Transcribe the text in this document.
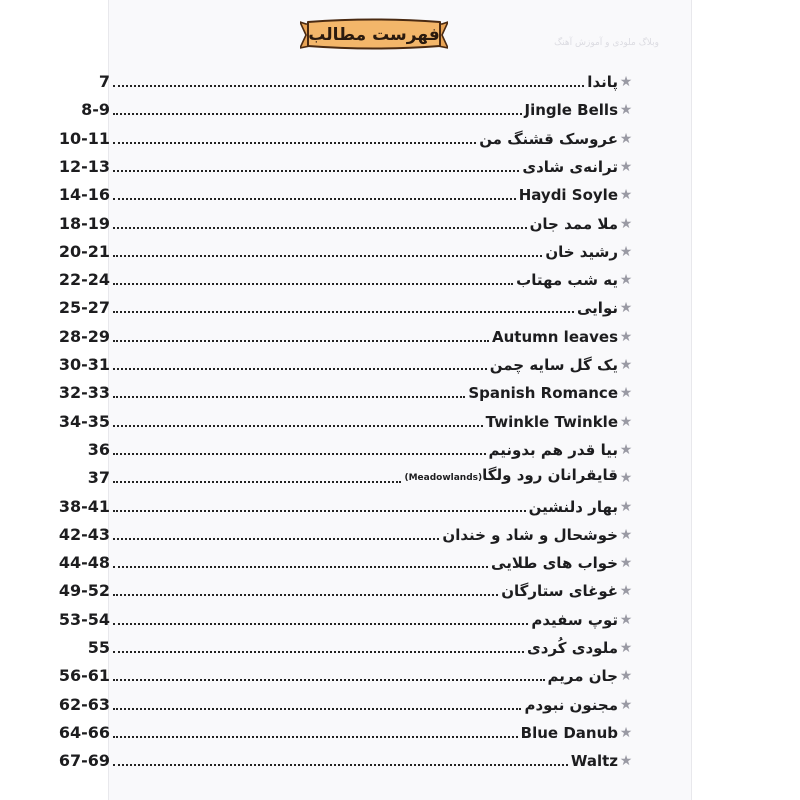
وبلاگ ملودی و آموزش آهنگ
فهرست مطالب
7	پاندا ★
8-9	Jingle Bells ★
10-11	عروسک قشنگ من ★
12-13	ترانه‌ی شادی ★
14-16	Haydi Soyle ★
18-19	ملا ممد جان ★
20-21	رشید خان ★
22-24	یه شب مهتاب ★
25-27	نوایی ★
28-29	Autumn leaves ★
30-31	یک گل سایه چمن ★
32-33	Spanish Romance ★
34-35	Twinkle Twinkle ★
36	بیا قدر هم بدونیم ★
37	قایقرانان رود ولگا(Meadowlands)	★
38-41	بهار دلنشین ★
42-43	خوشحال و شاد و خندان ★
44-48	خواب های طلایی ★
49-52	غوغای ستارگان ★
53-54	توپ سفیدم ★
55	ملودی کُردی ★
56-61	جان مریم ★
62-63	مجنون نبودم ★
64-66	Blue Danub ★
67-69	Waltz ★
